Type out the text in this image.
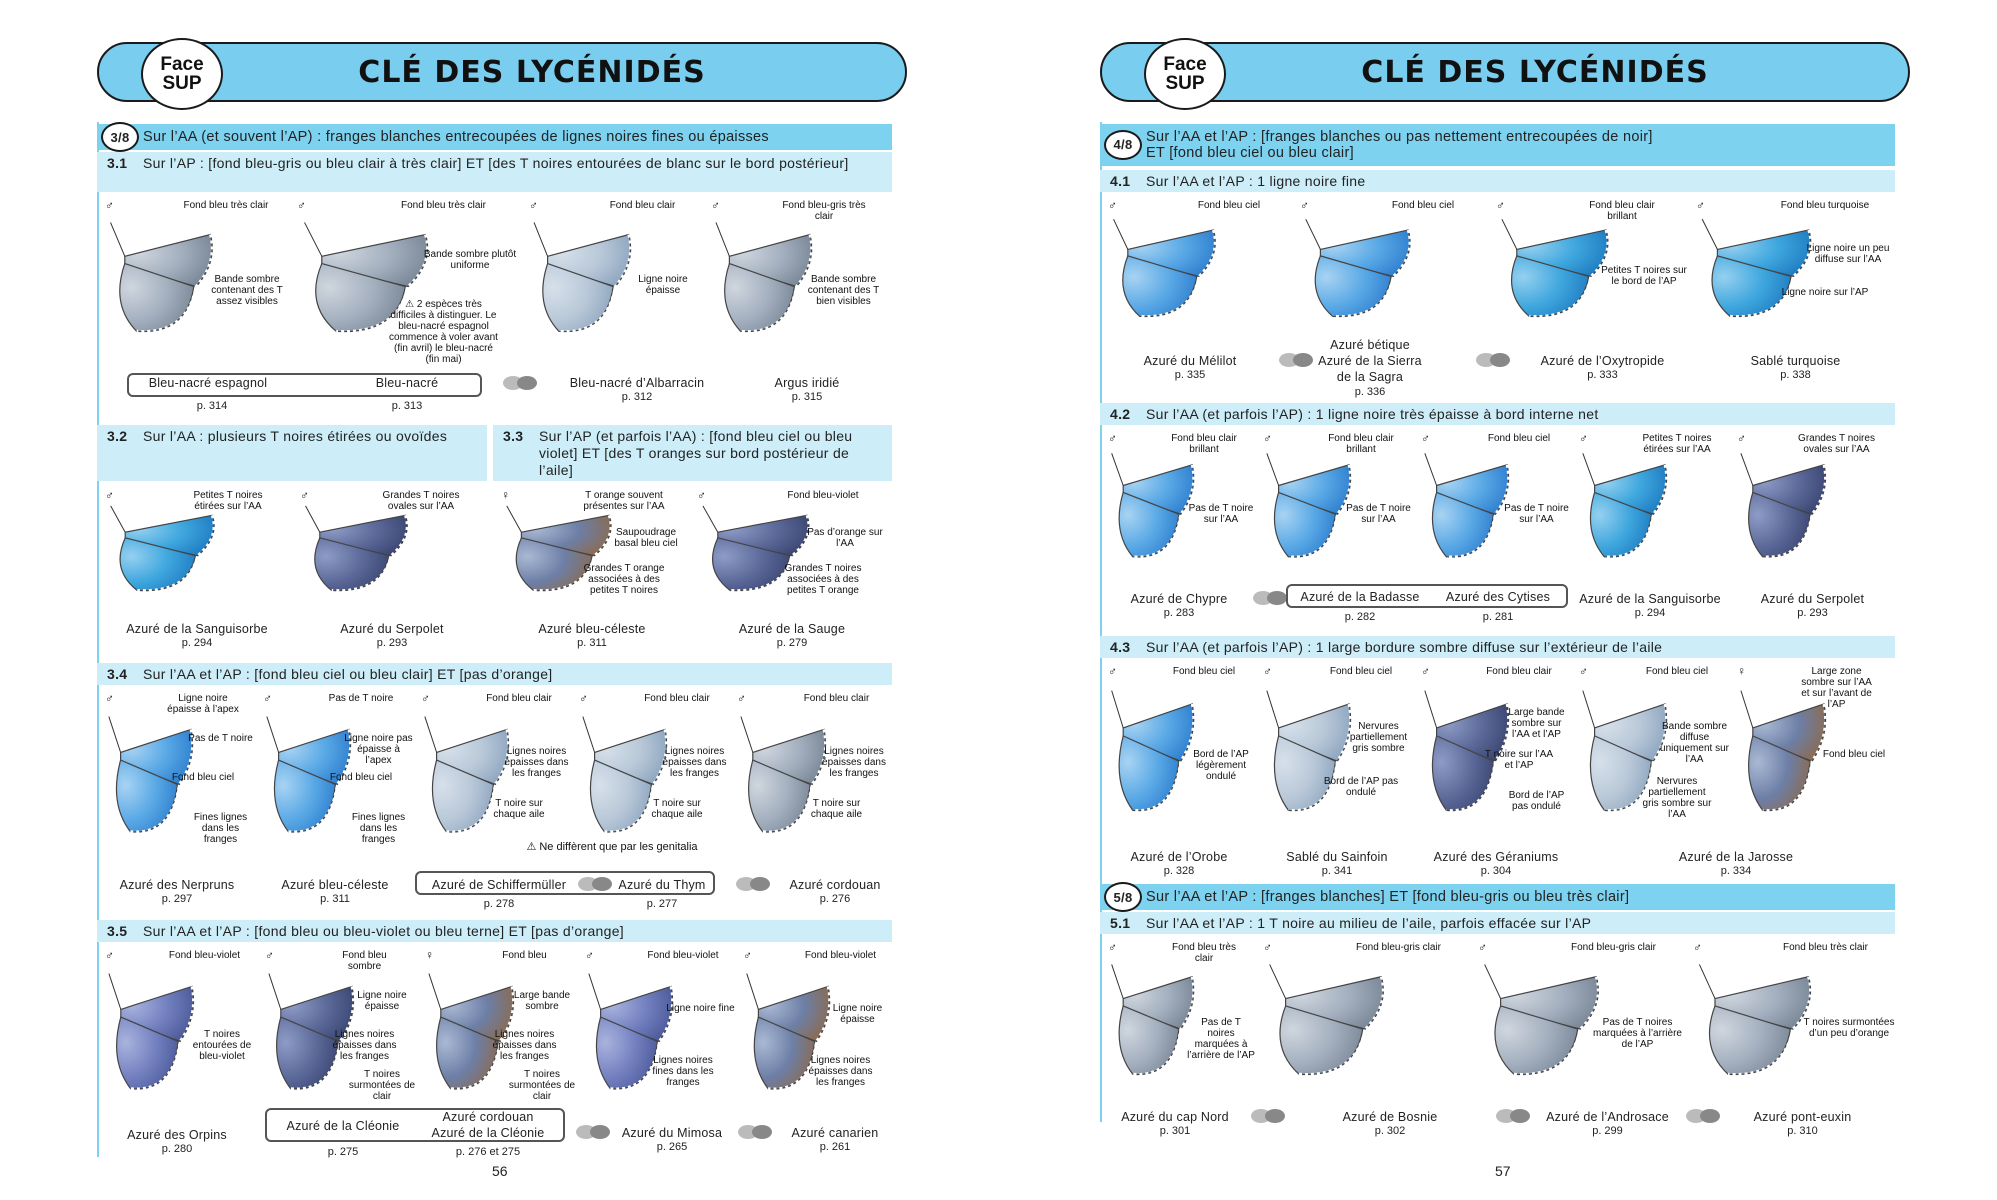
Face
SUP	CLÉ DES LYCÉNIDÉS
3/8 Sur l’AA (et souvent l’AP) : franges blanches entrecoupées de lignes noires fines ou épaisses
3.1 Sur l’AP : [fond bleu-gris ou bleu clair à très clair] ET [des T noires entourées de blanc sur le bord postérieur]
3.2 Sur l’AA : plusieurs T noires étirées ou ovoïdes	3.3 Sur l’AP (et parfois l’AA) : [fond bleu ciel ou bleu violet] ET [des T oranges sur bord postérieur de l’aile]
3.4 Sur l’AA et l’AP : [fond bleu ciel ou bleu clair] ET [pas d’orange]
3.5 Sur l’AA et l’AP : [fond bleu ou bleu-violet ou bleu terne] ET [pas d’orange]
56
♂	Fond bleu très clair
Bande sombre contenant des T assez visibles
♂	Fond bleu très clair
Bande sombre plutôt uniforme
⚠ 2 espèces très difficiles à distinguer. Le bleu-nacré espagnol commence à voler avant (fin avril) le bleu-nacré (fin mai)
♂	Fond bleu clair
Ligne noire épaisse
♂	Fond bleu-gris très clair
Bande sombre contenant des T bien visibles
Bleu-nacré espagnol	Bleu-nacré
p. 314	p. 313
Bleu-nacré d’Albarracin
p. 312
Argus iridié
p. 315
♂	Petites T noires étirées sur l’AA
♂	Grandes T noires ovales sur l’AA
♀	T orange souvent présentes sur l’AA
Saupoudrage basal bleu ciel
Grandes T orange associées à des petites T noires
♂	Fond bleu-violet
Pas d’orange sur l’AA
Grandes T noires associées à des petites T orange
Azuré de la Sanguisorbe
p. 294
Azuré du Serpolet
p. 293
Azuré bleu-céleste
p. 311
Azuré de la Sauge
p. 279
♂	Ligne noire épaisse à l’apex
Pas de T noire
Fond bleu ciel
Fines lignes dans les franges
♂	Pas de T noire
Ligne noire pas épaisse à l’apex
Fond bleu ciel
Fines lignes dans les franges
♂	Fond bleu clair
Lignes noires épaisses dans les franges
T noire sur chaque aile
♂	Fond bleu clair
Lignes noires épaisses dans les franges
T noire sur chaque aile
♂	Fond bleu clair
Lignes noires épaisses dans les franges
T noire sur chaque aile
⚠ Ne diffèrent que par les genitalia
Azuré des Nerpruns
p. 297
Azuré bleu-céleste
p. 311
Azuré de Schiffermüller	Azuré du Thym
p. 278	p. 277
Azuré cordouan
p. 276
♂	Fond bleu-violet
T noires entourées de bleu-violet
♂	Fond bleu sombre
Ligne noire épaisse
Lignes noires épaisses dans les franges
T noires surmontées de clair
♀	Fond bleu
Large bande sombre
Lignes noires épaisses dans les franges
T noires surmontées de clair
♂	Fond bleu-violet
Ligne noire fine
Lignes noires fines dans les franges
♂	Fond bleu-violet
Ligne noire épaisse
Lignes noires épaisses dans les franges
Azuré des Orpins
p. 280
Azuré de la Cléonie
Azuré cordouan
Azuré de la Cléonie
p. 275	p. 276 et 275
Azuré du Mimosa
p. 265
Azuré canarien
p. 261
Face
SUP	CLÉ DES LYCÉNIDÉS
4/8 Sur l’AA et l’AP : [franges blanches ou pas nettement entrecoupées de noir]
ET [fond bleu ciel ou bleu clair]
4.1 Sur l’AA et l’AP : 1 ligne noire fine
4.2 Sur l’AA (et parfois l’AP) : 1 ligne noire très épaisse à bord interne net
4.3 Sur l’AA (et parfois l’AP) : 1 large bordure sombre diffuse sur l’extérieur de l’aile
5/8 Sur l’AA et l’AP : [franges blanches] ET [fond bleu-gris ou bleu très clair]
5.1 Sur l’AA et l’AP : 1 T noire au milieu de l’aile, parfois effacée sur l’AP
57
♂	Fond bleu ciel	♂	Fond bleu ciel	♂	Fond bleu clair brillant
Petites T noires sur le bord de l’AP
♂	Fond bleu turquoise
Ligne noire un peu diffuse sur l’AA
Ligne noire sur l’AP
Azuré du Mélilot
p. 335
Azuré bétique
Azuré de la Sierra
de la Sagra
p. 336
Azuré de l’Oxytropide
p. 333
Sablé turquoise
p. 338
♂	Fond bleu clair brillant
Pas de T noire sur l’AA
♂	Fond bleu clair brillant
Pas de T noire sur l’AA
♂	Fond bleu ciel
Pas de T noire sur l’AA
♂	Petites T noires étirées sur l’AA
♂	Grandes T noires ovales sur l’AA
Azuré de Chypre
p. 283
Azuré de la Badasse	Azuré des Cytises
p. 282	p. 281
Azuré de la Sanguisorbe
p. 294
Azuré du Serpolet
p. 293
♂	Fond bleu ciel
Bord de l’AP légèrement ondulé
♂	Fond bleu ciel
Nervures partiellement gris sombre
Bord de l’AP pas ondulé
♂	Fond bleu clair
Large bande sombre sur l’AA et l’AP
T noire sur l’AA et l’AP
Bord de l’AP pas ondulé
♂	Fond bleu ciel
Bande sombre diffuse uniquement sur l’AA
Nervures partiellement gris sombre sur l’AA
♀	Large zone sombre sur l’AA et sur l’avant de l’AP
Fond bleu ciel
Azuré de l’Orobe
p. 328
Sablé du Sainfoin
p. 341
Azuré des Géraniums
p. 304
Azuré de la Jarosse
p. 334
♂	Fond bleu très clair
Pas de T noires marquées à l’arrière de l’AP
♂	Fond bleu-gris clair	♂	Fond bleu-gris clair
Pas de T noires marquées à l’arrière de l’AP
♂	Fond bleu très clair
T noires surmontées d’un peu d’orange
Azuré du cap Nord
p. 301
Azuré de Bosnie
p. 302
Azuré de l’Androsace
p. 299
Azuré pont-euxin
p. 310
